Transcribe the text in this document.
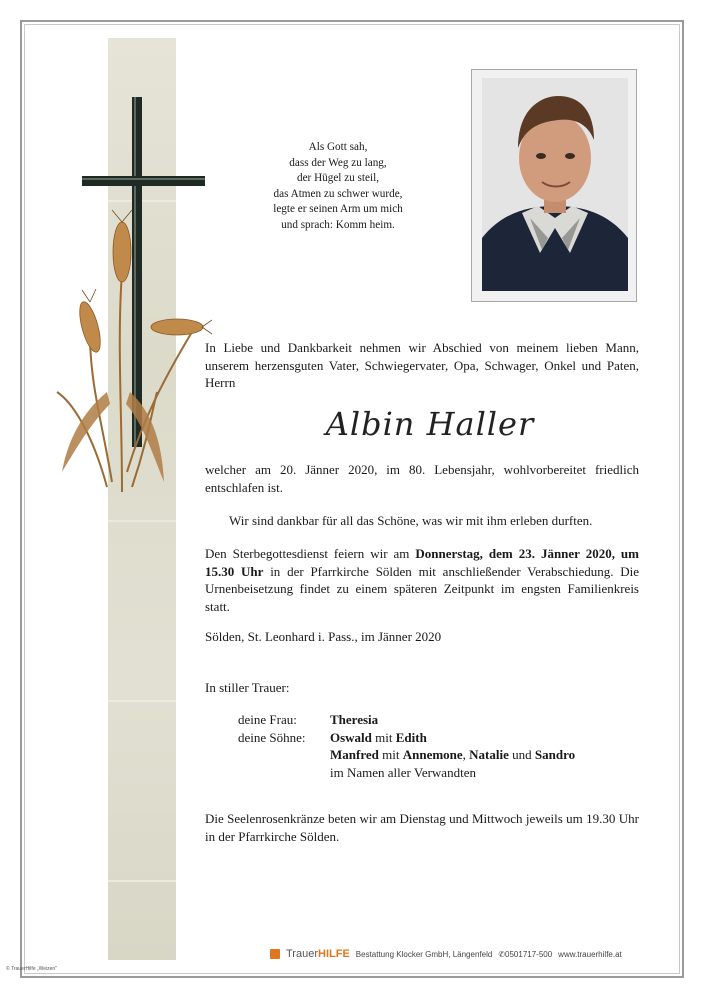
Als Gott sah,
dass der Weg zu lang,
der Hügel zu steil,
das Atmen zu schwer wurde,
legte er seinen Arm um mich
und sprach: Komm heim.
In Liebe und Dankbarkeit nehmen wir Abschied von meinem lieben Mann, unserem herzensguten Vater, Schwiegervater, Opa, Schwager, Onkel und Paten, Herrn
Albin Haller
welcher am 20. Jänner 2020, im 80. Lebensjahr, wohlvorbereitet friedlich entschlafen ist.
Wir sind dankbar für all das Schöne, was wir mit ihm erleben durften.
Den Sterbegottesdienst feiern wir am Donnerstag, dem 23. Jänner 2020, um 15.30 Uhr in der Pfarrkirche Sölden mit anschließender Verabschiedung. Die Urnenbeisetzung findet zu einem späteren Zeitpunkt im engsten Familienkreis statt.
Sölden, St. Leonhard i. Pass., im Jänner 2020
In stiller Trauer:
deine Frau:	Theresia
deine Söhne:	Oswald mit Edith
Manfred mit Annemone, Natalie und Sandro
im Namen aller Verwandten
Die Seelenrosenkränze beten wir am Dienstag und Mittwoch jeweils um 19.30 Uhr in der Pfarrkirche Sölden.
TrauerHILFE Bestattung Klocker GmbH, Längenfeld ✆0501717-500 www.trauerhilfe.at
© TrauerHilfe „Weizen"
